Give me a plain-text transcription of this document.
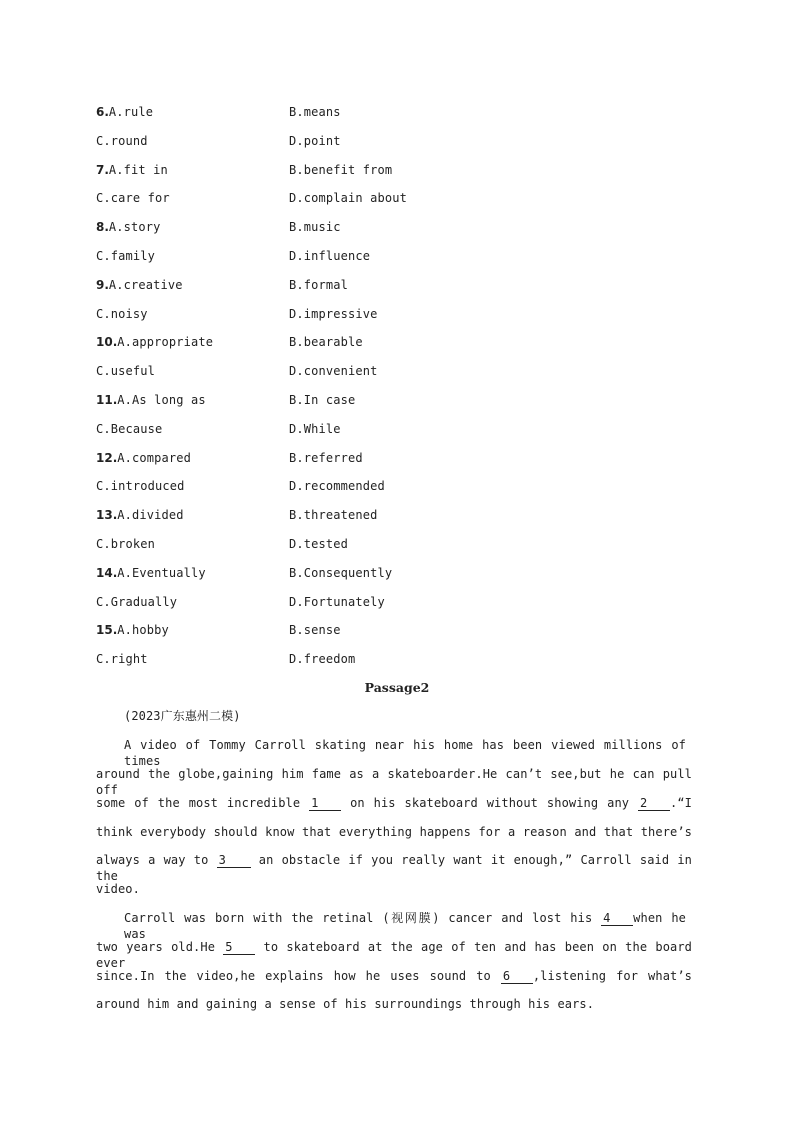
6.A.rule	B.means
C.round	D.point
7.A.fit in	B.benefit from
C.care for	D.complain about
8.A.story	B.music
C.family	D.influence
9.A.creative	B.formal
C.noisy	D.impressive
10.A.appropriate	B.bearable
C.useful	D.convenient
11.A.As long as	B.In case
C.Because	D.While
12.A.compared	B.referred
C.introduced	D.recommended
13.A.divided	B.threatened
C.broken	D.tested
14.A.Eventually	B.Consequently
C.Gradually	D.Fortunately
15.A.hobby	B.sense
C.right	D.freedom
Passage2
(2023广东惠州二模)
A video of Tommy Carroll skating near his home has been viewed millions of times
around the globe,gaining him fame as a skateboarder.He can’t see,but he can pull off
some of the most incredible 1	on his skateboard without showing any 2 .“I
think everybody should know that everything happens for a reason and that there’s
always a way to 3	an obstacle if you really want it enough,” Carroll said in the
video.
Carroll was born with the retinal (视网膜) cancer and lost his 4 when he was
two years old.He 5	to skateboard at the age of ten and has been on the board ever
since.In the video,he explains how he uses sound to 6 ,listening for what’s
around him and gaining a sense of his surroundings through his ears.
